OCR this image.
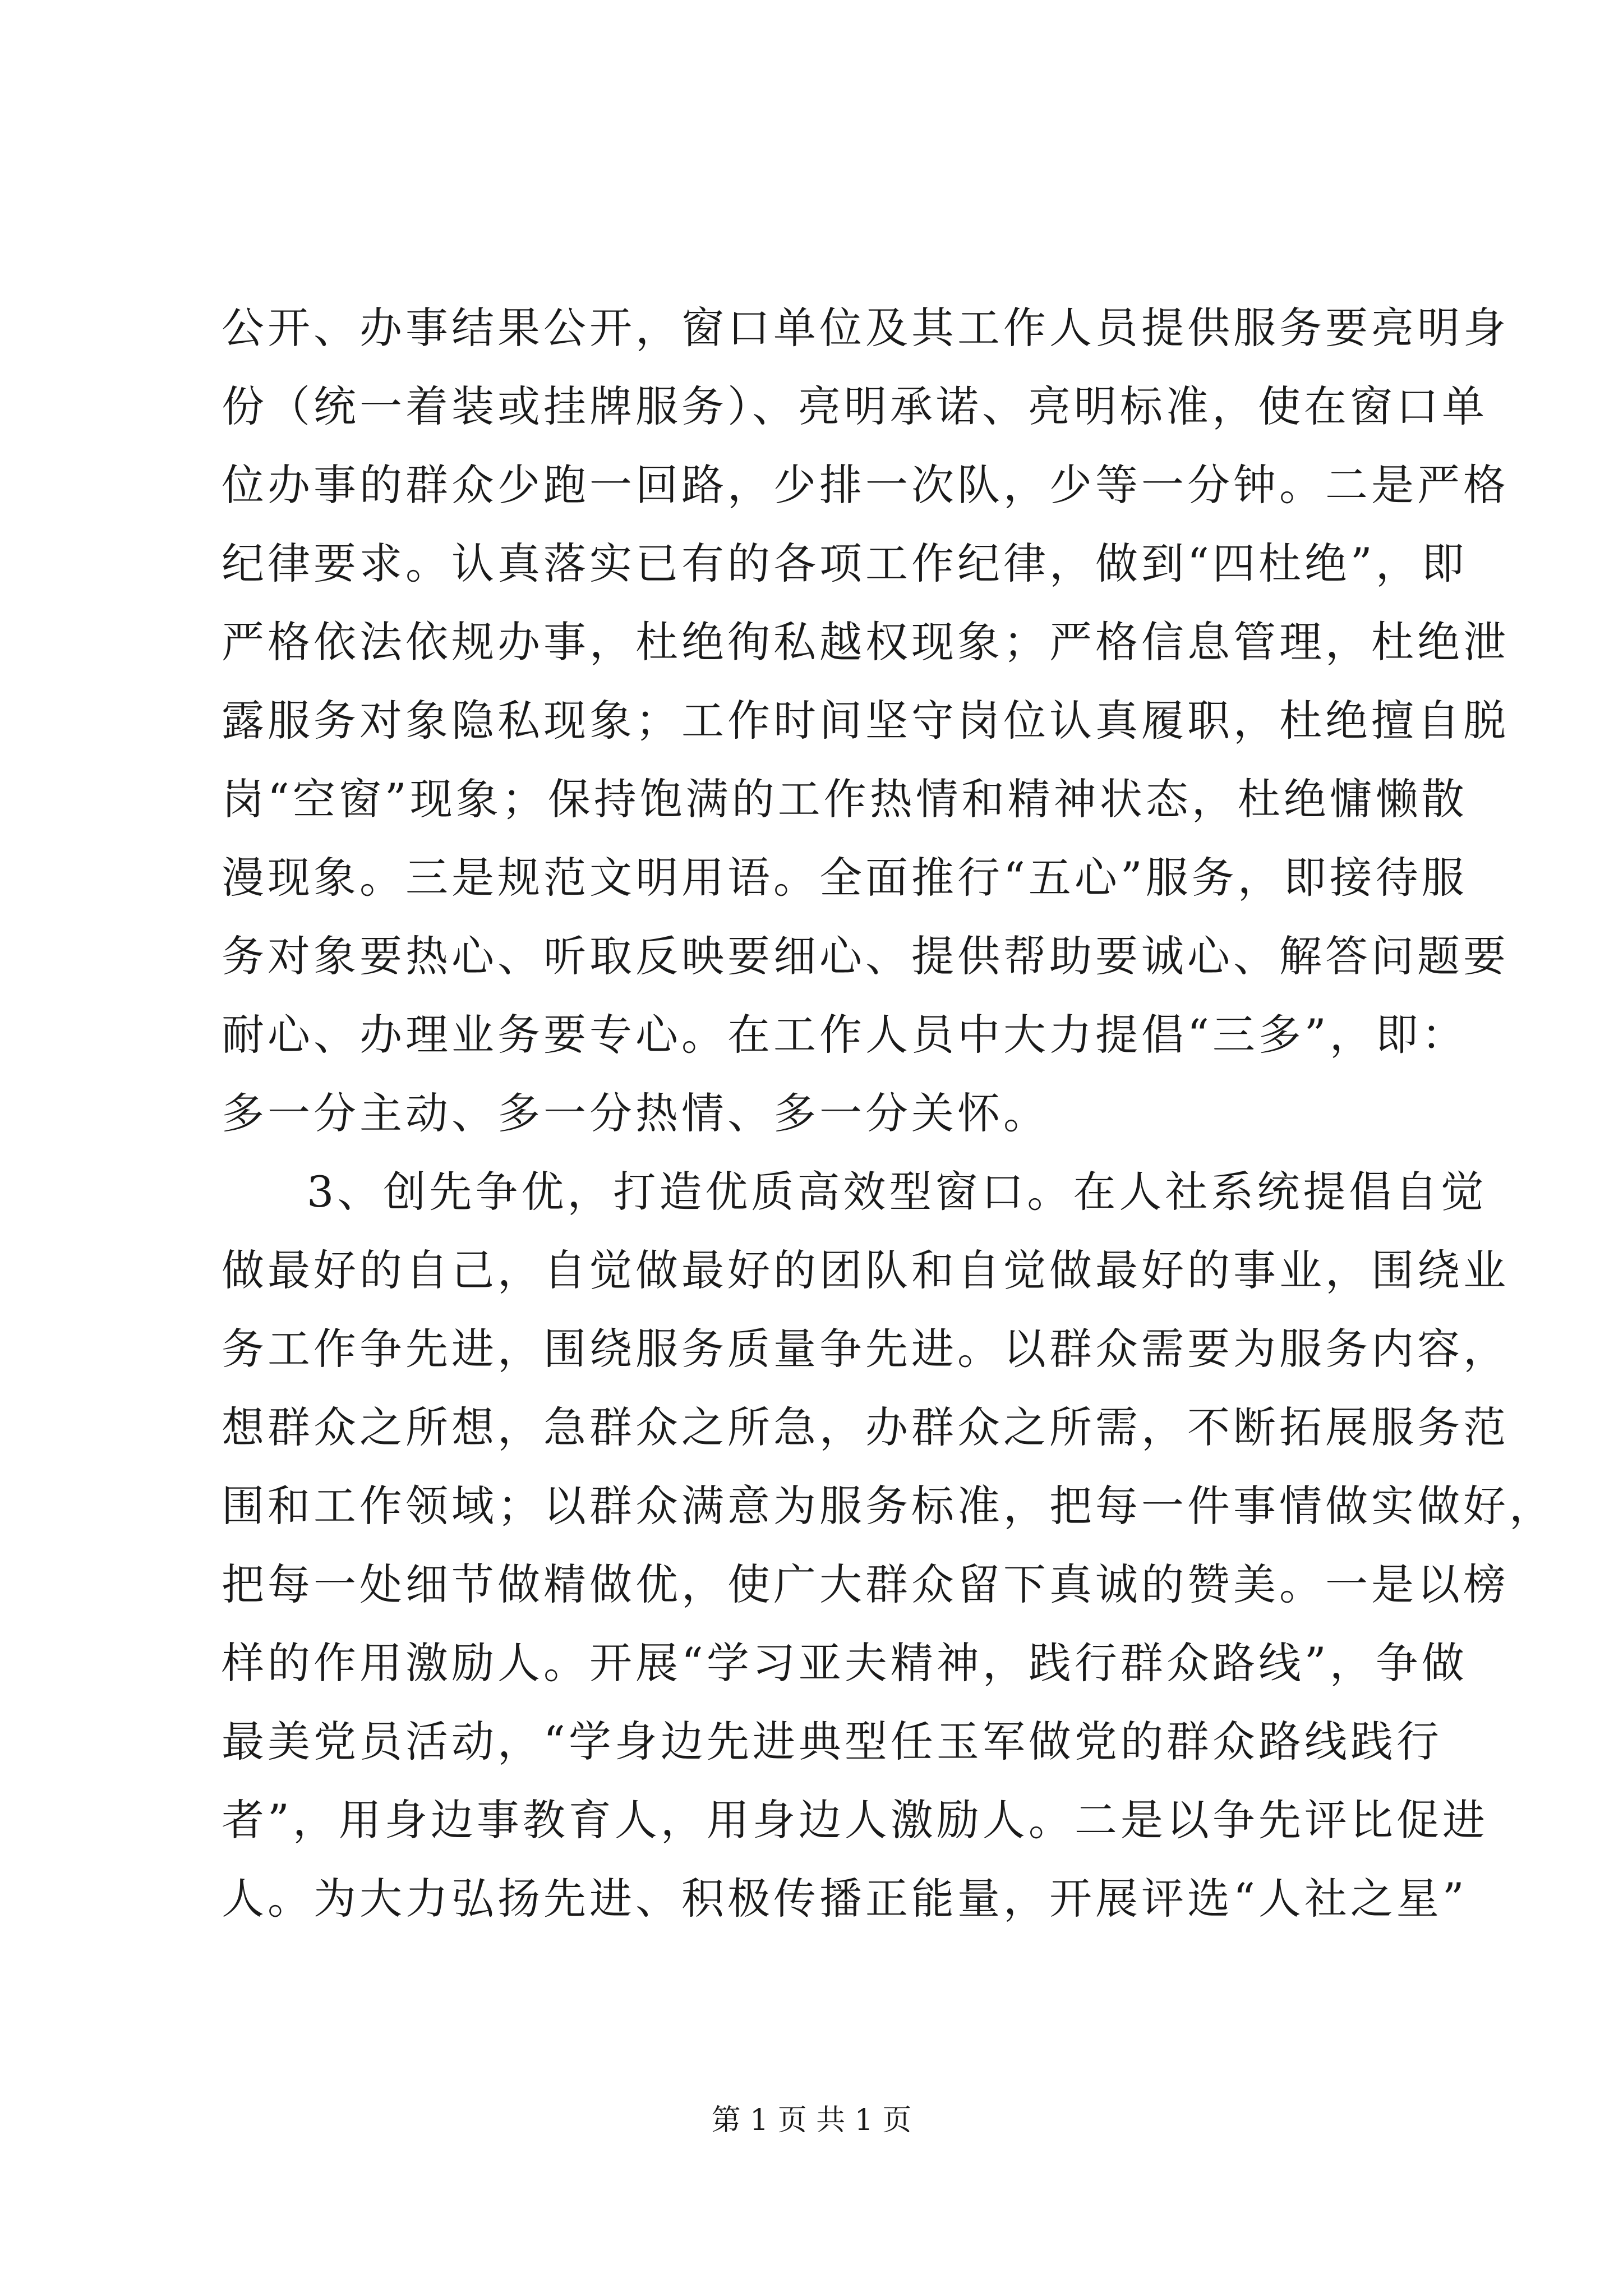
公开、办事结果公开，窗口单位及其工作人员提供服务要亮明身
份（统一着装或挂牌服务）、亮明承诺、亮明标准，使在窗口单
位办事的群众少跑一回路，少排一次队，少等一分钟。二是严格
纪律要求。认真落实已有的各项工作纪律，做到“四杜绝”，即
严格依法依规办事，杜绝徇私越权现象；严格信息管理，杜绝泄
露服务对象隐私现象；工作时间坚守岗位认真履职，杜绝擅自脱
岗“空窗”现象；保持饱满的工作热情和精神状态，杜绝慵懒散
漫现象。三是规范文明用语。全面推行“五心”服务，即接待服
务对象要热心、听取反映要细心、提供帮助要诚心、解答问题要
耐心、办理业务要专心。在工作人员中大力提倡“三多”，即：
多一分主动、多一分热情、多一分关怀。
3、创先争优，打造优质高效型窗口。在人社系统提倡自觉
做最好的自己，自觉做最好的团队和自觉做最好的事业，围绕业
务工作争先进，围绕服务质量争先进。以群众需要为服务内容，
想群众之所想，急群众之所急，办群众之所需，不断拓展服务范
围和工作领域；以群众满意为服务标准，把每一件事情做实做好，
把每一处细节做精做优，使广大群众留下真诚的赞美。一是以榜
样的作用激励人。开展“学习亚夫精神，践行群众路线”，争做
最美党员活动，“学身边先进典型任玉军做党的群众路线践行
者”，用身边事教育人，用身边人激励人。二是以争先评比促进
人。为大力弘扬先进、积极传播正能量，开展评选“人社之星”
第 1 页 共 1 页
